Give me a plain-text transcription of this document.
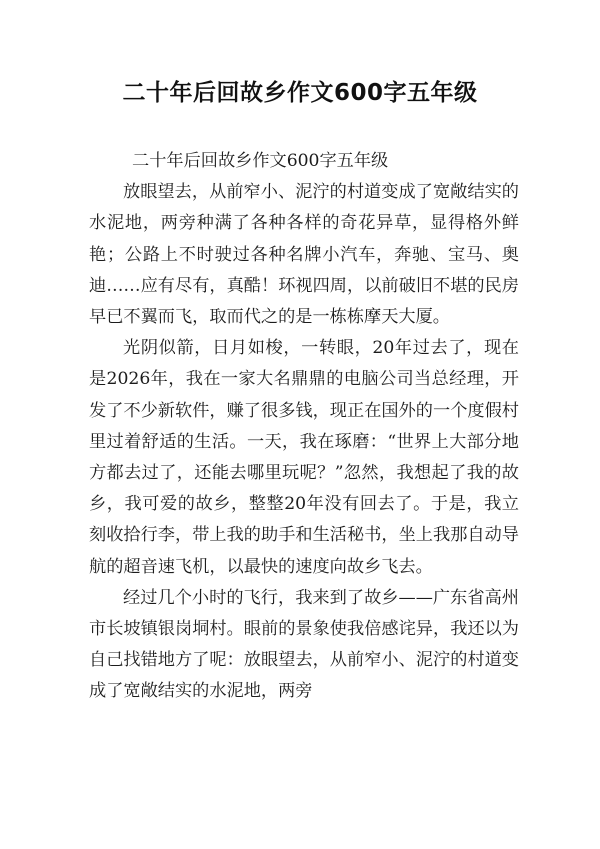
二十年后回故乡作文600字五年级

二十年后回故乡作文600字五年级

放眼望去，从前窄小、泥泞的村道变成了宽敞结实的水泥地，两旁种满了各种各样的奇花异草，显得格外鲜艳；公路上不时驶过各种名牌小汽车，奔驰、宝马、奥迪……应有尽有，真酷！环视四周，以前破旧不堪的民房早已不翼而飞，取而代之的是一栋栋摩天大厦。

光阴似箭，日月如梭，一转眼，20年过去了，现在是2026年，我在一家大名鼎鼎的电脑公司当总经理，开发了不少新软件，赚了很多钱，现正在国外的一个度假村里过着舒适的生活。一天，我在琢磨：“世界上大部分地方都去过了，还能去哪里玩呢？”忽然，我想起了我的故乡，我可爱的故乡，整整20年没有回去了。于是，我立刻收拾行李，带上我的助手和生活秘书，坐上我那自动导航的超音速飞机，以最快的速度向故乡飞去。

经过几个小时的飞行，我来到了故乡——广东省高州市长坡镇银岗垌村。眼前的景象使我倍感诧异，我还以为自己找错地方了呢：放眼望去，从前窄小、泥泞的村道变成了宽敞结实的水泥地，两旁
